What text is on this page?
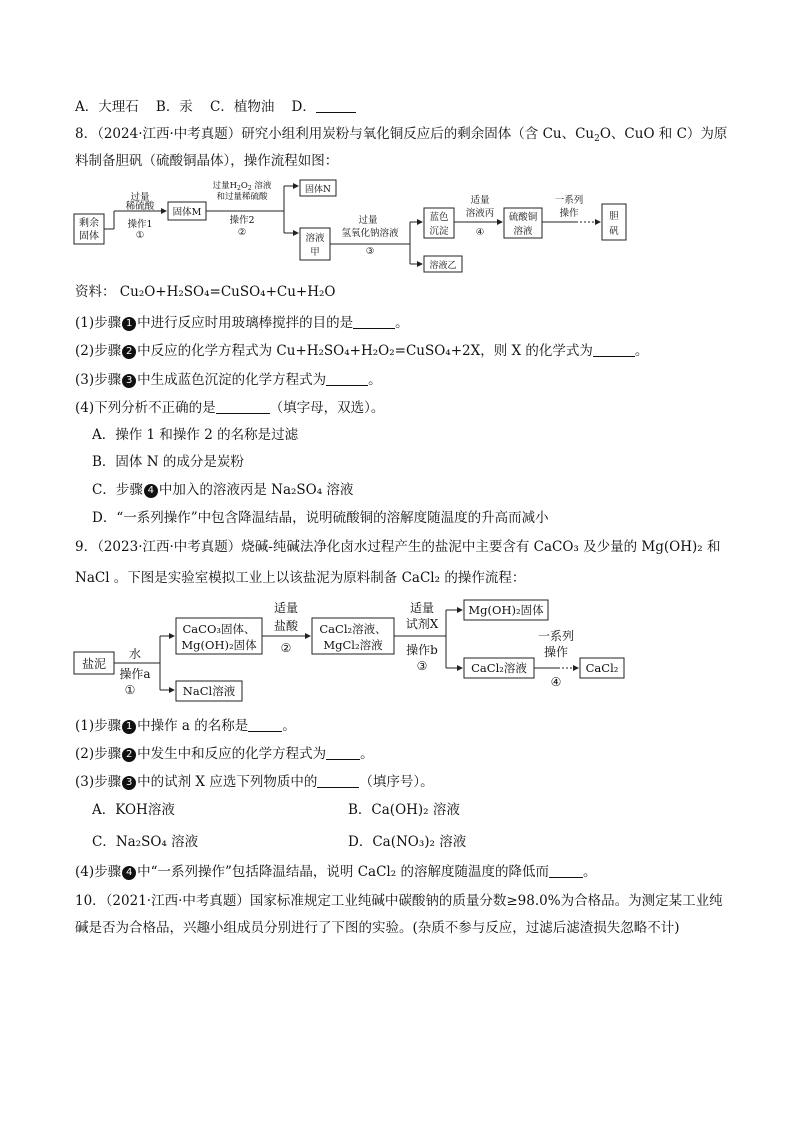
A．大理石 B．汞 C．植物油 D．
8．（2024·江西·中考真题）研究小组利用炭粉与氧化铜反应后的剩余固体（含 Cu、$Cu_2O$、CuO 和 C）为原
料制备胆矾（硫酸铜晶体），操作流程如图：
剩余
固体
过量
稀硫酸
操作1
①
固体M
过量$H_2O_2$ 溶液
和过量稀硫酸
操作2
②
固体N
溶液
甲
过量
氢氧化钠溶液
③
蓝色
沉淀
溶液乙
适量
溶液丙
④
硫酸铜
溶液
一系列
操作	胆
矾
资料： Cu₂O+H₂SO₄=CuSO₄+Cu+H₂O
(1)步骤 1 中进行反应时用玻璃棒搅拌的目的是	。
(2)步骤 2 中反应的化学方程式为 Cu+H₂SO₄+H₂O₂=CuSO₄+2X，则 X 的化学式为	。
(3)步骤 3 中生成蓝色沉淀的化学方程式为	。
(4)下列分析不正确的是	（填字母，双选）。
A．操作 1 和操作 2 的名称是过滤
B．固体 N 的成分是炭粉
C．步骤 4 中加入的溶液丙是 Na₂SO₄ 溶液
D．“一系列操作”中包含降温结晶，说明硫酸铜的溶解度随温度的升高而减小
9．（2023·江西·中考真题）烧碱-纯碱法净化卤水过程产生的盐泥中主要含有 CaCO₃ 及少量的 Mg(OH)₂ 和
NaCl 。下图是实验室模拟工业上以该盐泥为原料制备 CaCl₂ 的操作流程：
盐泥
水
操作a
①
CaCO₃固体、
Mg(OH)₂固体
NaCl溶液
适量
盐酸
②
CaCl₂溶液、
MgCl₂溶液
适量
试剂X
操作b
③
Mg(OH)₂固体
CaCl₂溶液
一系列
操作
④
CaCl₂
(1)步骤 1 中操作 a 的名称是	。
(2)步骤 2 中发生中和反应的化学方程式为	。
(3)步骤 3 中的试剂 X 应选下列物质中的	（填序号）。
A．KOH溶液	B．Ca(OH)₂ 溶液
C．Na₂SO₄ 溶液	D．Ca(NO₃)₂ 溶液
(4)步骤 4 中“一系列操作”包括降温结晶，说明 CaCl₂ 的溶解度随温度的降低而	。
10．（2021·江西·中考真题）国家标准规定工业纯碱中碳酸钠的质量分数≥98.0%为合格品。为测定某工业纯
碱是否为合格品，兴趣小组成员分别进行了下图的实验。(杂质不参与反应，过滤后滤渣损失忽略不计)
